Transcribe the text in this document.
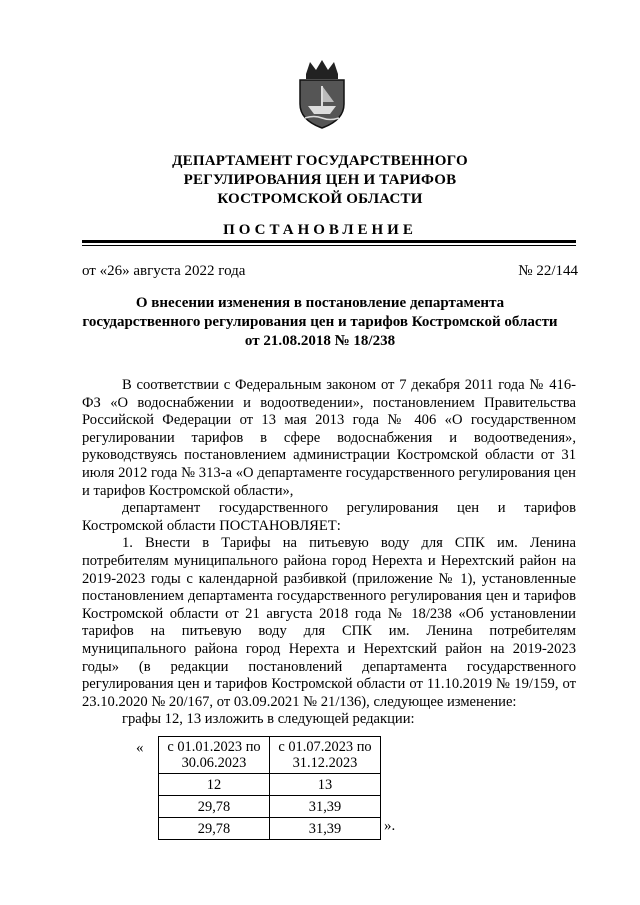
ДЕПАРТАМЕНТ ГОСУДАРСТВЕННОГО
РЕГУЛИРОВАНИЯ ЦЕН И ТАРИФОВ
КОСТРОМСКОЙ ОБЛАСТИ
ПОСТАНОВЛЕНИЕ
от «26» августа 2022 года	№ 22/144
О внесении изменения в постановление департамента
государственного регулирования цен и тарифов Костромской области
от 21.08.2018 № 18/238

В соответствии с Федеральным законом от 7 декабря 2011 года № 416-ФЗ «О водоснабжении и водоотведении», постановлением Правительства Российской Федерации от 13 мая 2013 года № 406 «О государственном регулировании тарифов в сфере водоснабжения и водоотведения», руководствуясь постановлением администрации Костромской области от 31 июля 2012 года № 313-а «О департаменте государственного регулирования цен и тарифов Костромской области»,

департамент государственного регулирования цен и тарифов Костромской области ПОСТАНОВЛЯЕТ:

1. Внести в Тарифы на питьевую воду для СПК им. Ленина потребителям муниципального района город Нерехта и Нерехтский район на 2019-2023 годы с календарной разбивкой (приложение № 1), установленные постановлением департамента государственного регулирования цен и тарифов Костромской области от 21 августа 2018 года № 18/238 «Об установлении тарифов на питьевую воду для СПК им. Ленина потребителям муниципального района город Нерехта и Нерехтский район на 2019-2023 годы» (в редакции постановлений департамента государственного регулирования цен и тарифов Костромской области от 11.10.2019 № 19/159, от 23.10.2020 № 20/167, от 03.09.2021 № 21/136), следующее изменение:

графы 12, 13 изложить в следующей редакции:

« с 01.01.2023 по 30.06.2023	с 01.07.2023 по 31.12.2023
12	13
29,78	31,39
29,78	31,39	».
